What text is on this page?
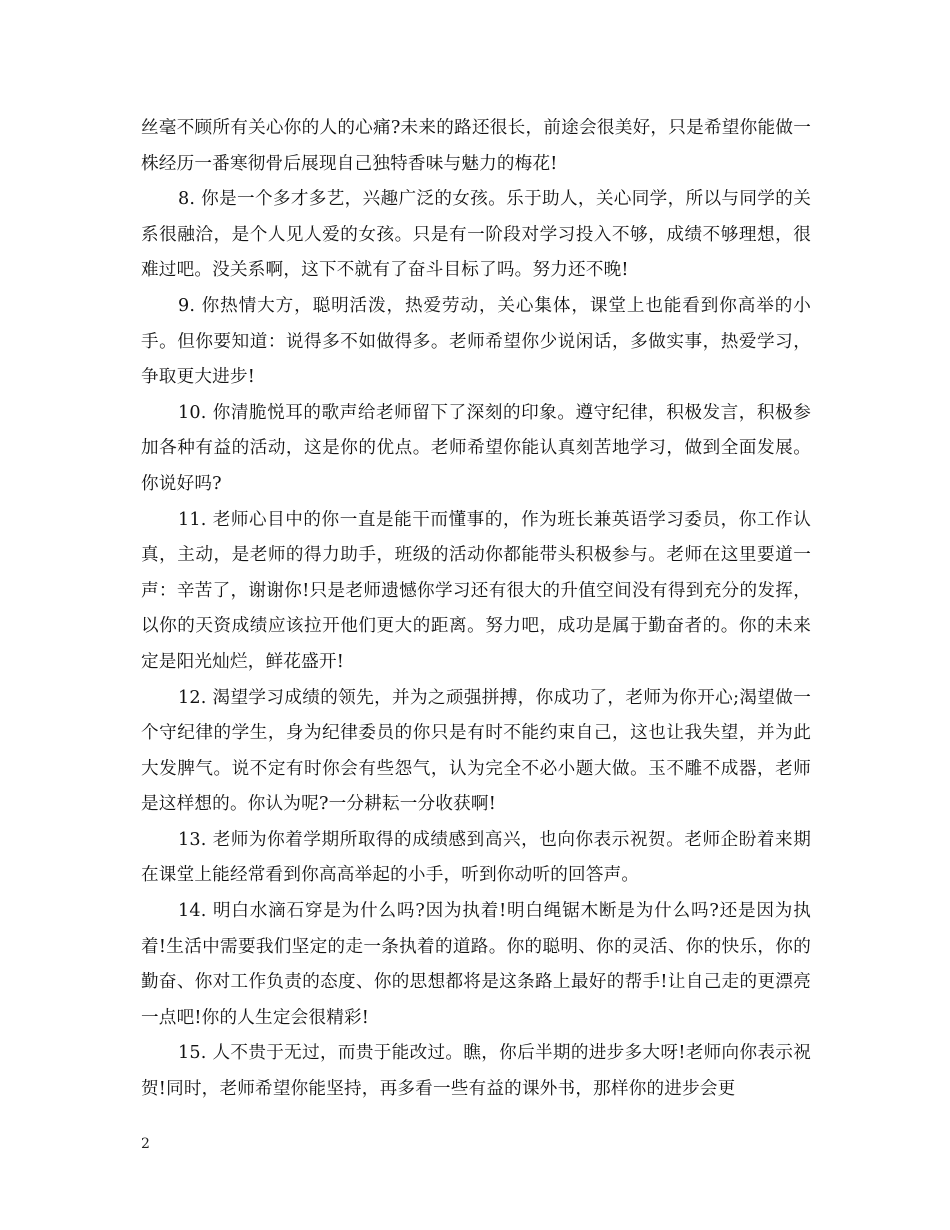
丝毫不顾所有关心你的人的心痛?未来的路还很长，前途会很美好，只是希望你能做一株经历一番寒彻骨后展现自己独特香味与魅力的梅花!

8. 你是一个多才多艺，兴趣广泛的女孩。乐于助人，关心同学，所以与同学的关系很融洽，是个人见人爱的女孩。只是有一阶段对学习投入不够，成绩不够理想，很难过吧。没关系啊，这下不就有了奋斗目标了吗。努力还不晚!

9. 你热情大方，聪明活泼，热爱劳动，关心集体，课堂上也能看到你高举的小手。但你要知道：说得多不如做得多。老师希望你少说闲话，多做实事，热爱学习，争取更大进步!

10. 你清脆悦耳的歌声给老师留下了深刻的印象。遵守纪律，积极发言，积极参加各种有益的活动，这是你的优点。老师希望你能认真刻苦地学习，做到全面发展。你说好吗?

11. 老师心目中的你一直是能干而懂事的，作为班长兼英语学习委员，你工作认真，主动，是老师的得力助手，班级的活动你都能带头积极参与。老师在这里要道一声：辛苦了，谢谢你!只是老师遗憾你学习还有很大的升值空间没有得到充分的发挥，以你的天资成绩应该拉开他们更大的距离。努力吧，成功是属于勤奋者的。你的未来定是阳光灿烂，鲜花盛开!

12. 渴望学习成绩的领先，并为之顽强拼搏，你成功了，老师为你开心;渴望做一个守纪律的学生，身为纪律委员的你只是有时不能约束自己，这也让我失望，并为此大发脾气。说不定有时你会有些怨气，认为完全不必小题大做。玉不雕不成器，老师是这样想的。你认为呢?一分耕耘一分收获啊!

13. 老师为你着学期所取得的成绩感到高兴，也向你表示祝贺。老师企盼着来期在课堂上能经常看到你高高举起的小手，听到你动听的回答声。

14. 明白水滴石穿是为什么吗?因为执着!明白绳锯木断是为什么吗?还是因为执着!生活中需要我们坚定的走一条执着的道路。你的聪明、你的灵活、你的快乐，你的勤奋、你对工作负责的态度、你的思想都将是这条路上最好的帮手!让自己走的更漂亮一点吧!你的人生定会很精彩!

15. 人不贵于无过，而贵于能改过。瞧，你后半期的进步多大呀!老师向你表示祝贺!同时，老师希望你能坚持，再多看一些有益的课外书，那样你的进步会更

2
